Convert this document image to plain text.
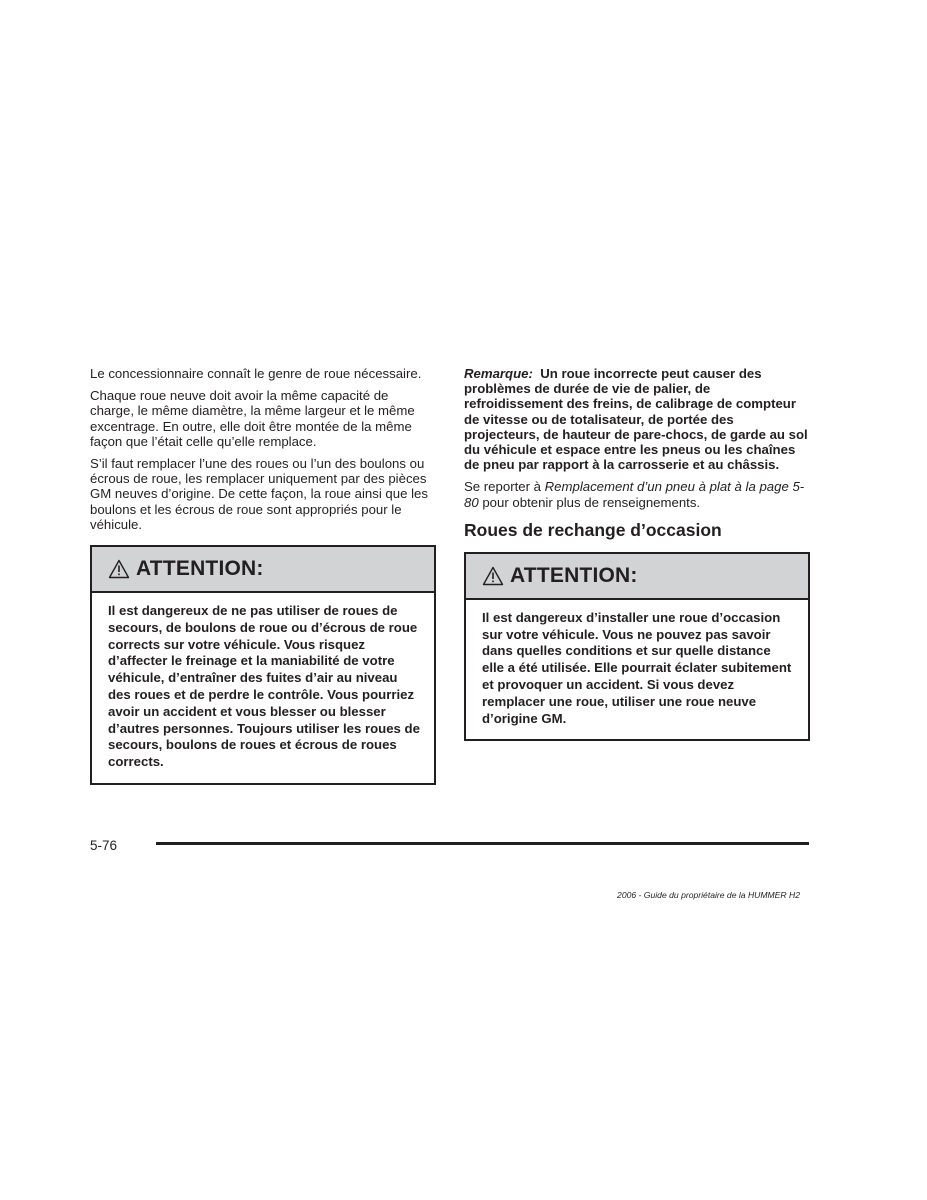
Le concessionnaire connaît le genre de roue nécessaire.

Chaque roue neuve doit avoir la même capacité de charge, le même diamètre, la même largeur et le même excentrage. En outre, elle doit être montée de la même façon que l’était celle qu’elle remplace.

S’il faut remplacer l’une des roues ou l’un des boulons ou écrous de roue, les remplacer uniquement par des pièces GM neuves d’origine. De cette façon, la roue ainsi que les boulons et les écrous de roue sont appropriés pour le véhicule.

ATTENTION:
Il est dangereux de ne pas utiliser de roues de secours, de boulons de roue ou d’écrous de roue corrects sur votre véhicule. Vous risquez d’affecter le freinage et la maniabilité de votre véhicule, d’entraîner des fuites d’air au niveau des roues et de perdre le contrôle. Vous pourriez avoir un accident et vous blesser ou blesser d’autres personnes. Toujours utiliser les roues de secours, boulons de roues et écrous de roues corrects.

Remarque: Un roue incorrecte peut causer des problèmes de durée de vie de palier, de refroidissement des freins, de calibrage de compteur de vitesse ou de totalisateur, de portée des projecteurs, de hauteur de pare-chocs, de garde au sol du véhicule et espace entre les pneus ou les chaînes de pneu par rapport à la carrosserie et au châssis.

Se reporter à Remplacement d’un pneu à plat à la page 5-80 pour obtenir plus de renseignements.

Roues de rechange d’occasion
ATTENTION:
Il est dangereux d’installer une roue d’occasion sur votre véhicule. Vous ne pouvez pas savoir dans quelles conditions et sur quelle distance elle a été utilisée. Elle pourrait éclater subitement et provoquer un accident. Si vous devez remplacer une roue, utiliser une roue neuve d’origine GM.
5-76
2006 - Guide du propriétaire de la HUMMER H2
